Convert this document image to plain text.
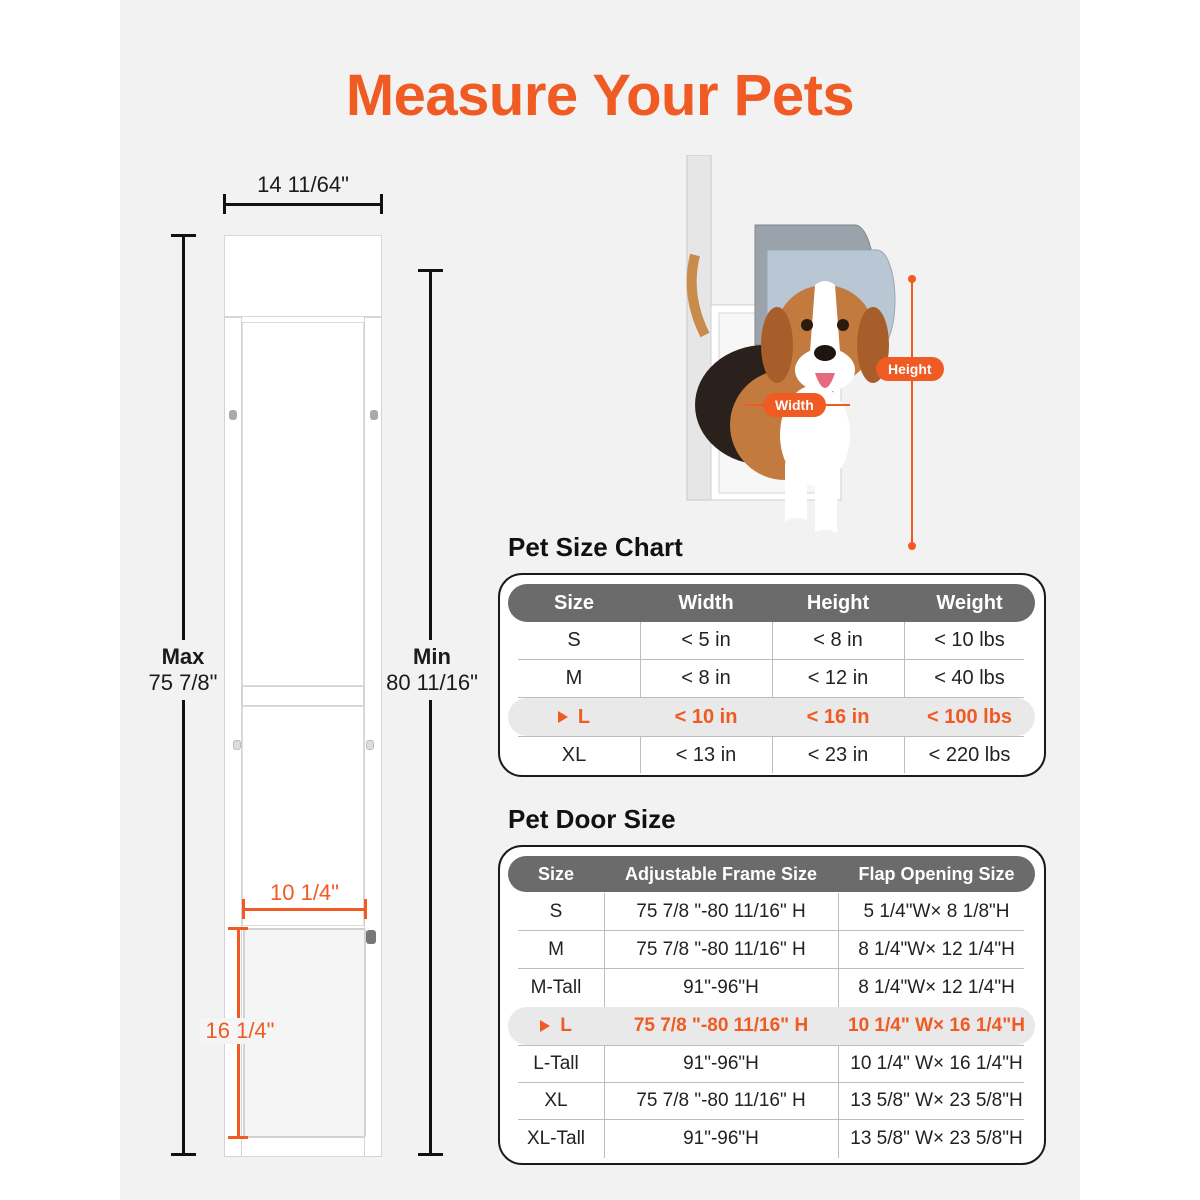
Measure Your Pets
14 11/64"
Max
75 7/8"
Min
80 11/16"
10 1/4"
16 1/4"
Width
Height
Pet Size Chart
Size	Width	Height	Weight
S	< 5 in	< 8 in	< 10 lbs
M	< 8 in	< 12 in	< 40 lbs
L	< 10 in	< 16 in	< 100 lbs
XL	< 13 in	< 23 in	< 220 lbs
Pet Door Size
Size	Adjustable Frame Size	Flap Opening Size
S	75 7/8 "-80 11/16" H	5 1/4"W× 8 1/8"H
M	75 7/8 "-80 11/16" H	8 1/4"W× 12 1/4"H
M-Tall	91"-96"H	8 1/4"W× 12 1/4"H
L	75 7/8 "-80 11/16" H	10 1/4" W× 16 1/4"H
L-Tall	91"-96"H	10 1/4" W× 16 1/4"H
XL	75 7/8 "-80 11/16" H	13 5/8" W× 23 5/8"H
XL-Tall	91"-96"H	13 5/8" W× 23 5/8"H
